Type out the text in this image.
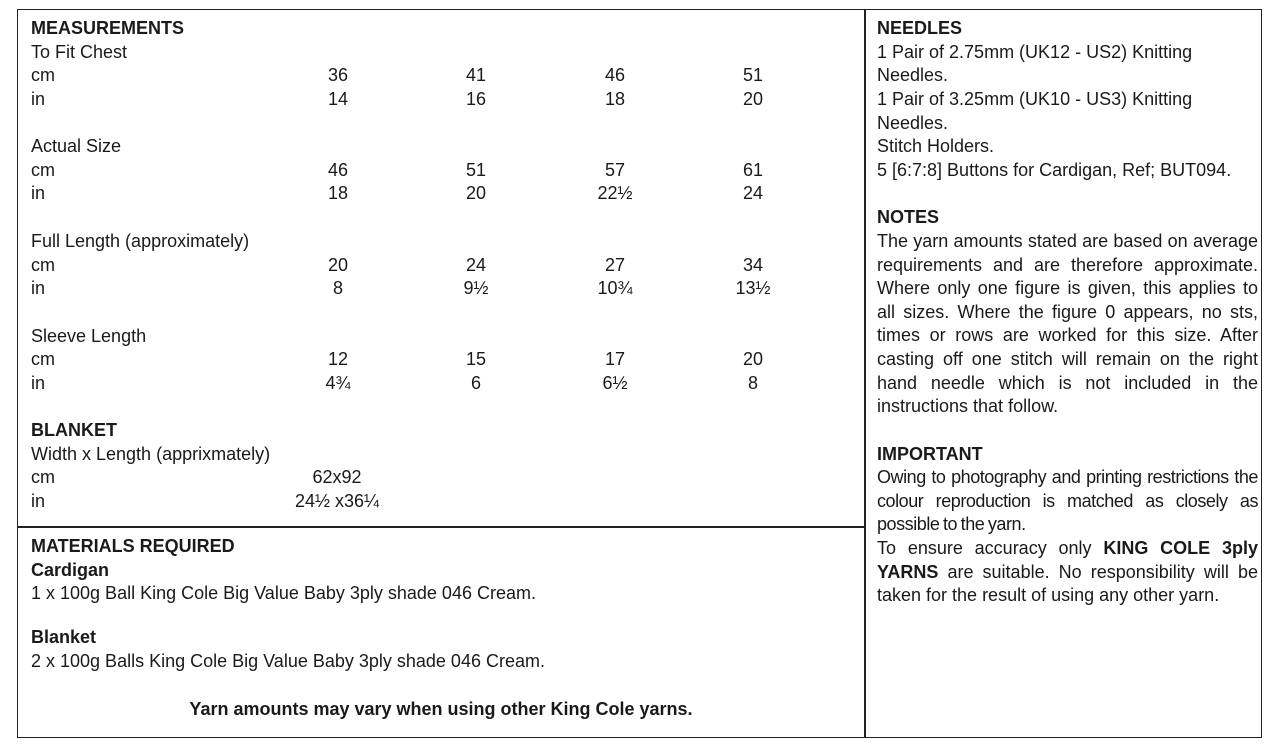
MEASUREMENTS
To Fit Chest
cm	36	41	46	51
in	14	16	18	20
Actual Size
cm	46	51	57	61
in	18	20	22½	24
Full Length (approximately)
cm	20	24	27	34
in	8	9½	10¾	13½
Sleeve Length
cm	12	15	17	20
in	4¾	6	6½	8
BLANKET
Width x Length (apprixmately)
cm	62x92
in	24½ x36¼
MATERIALS REQUIRED
Cardigan
1 x 100g Ball King Cole Big Value Baby 3ply shade 046 Cream.
Blanket
2 x 100g Balls King Cole Big Value Baby 3ply shade 046 Cream.
Yarn amounts may vary when using other King Cole yarns.
NEEDLES
1 Pair of 2.75mm (UK12 - US2) Knitting
Needles.
1 Pair of 3.25mm (UK10 - US3) Knitting
Needles.
Stitch Holders.
5 [6:7:8] Buttons for Cardigan, Ref; BUT094.
NOTES
The yarn amounts stated are based on average requirements and are therefore approximate. Where only one figure is given, this applies to all sizes. Where the figure 0 appears, no sts, times or rows are worked for this size. After casting off one stitch will remain on the right hand needle which is not included in the instructions that follow.
IMPORTANT
Owing to photography and printing restrictions the colour reproduction is matched as closely as possible to the yarn.
To ensure accuracy only KING COLE 3ply YARNS are suitable. No responsibility will be taken for the result of using any other yarn.
